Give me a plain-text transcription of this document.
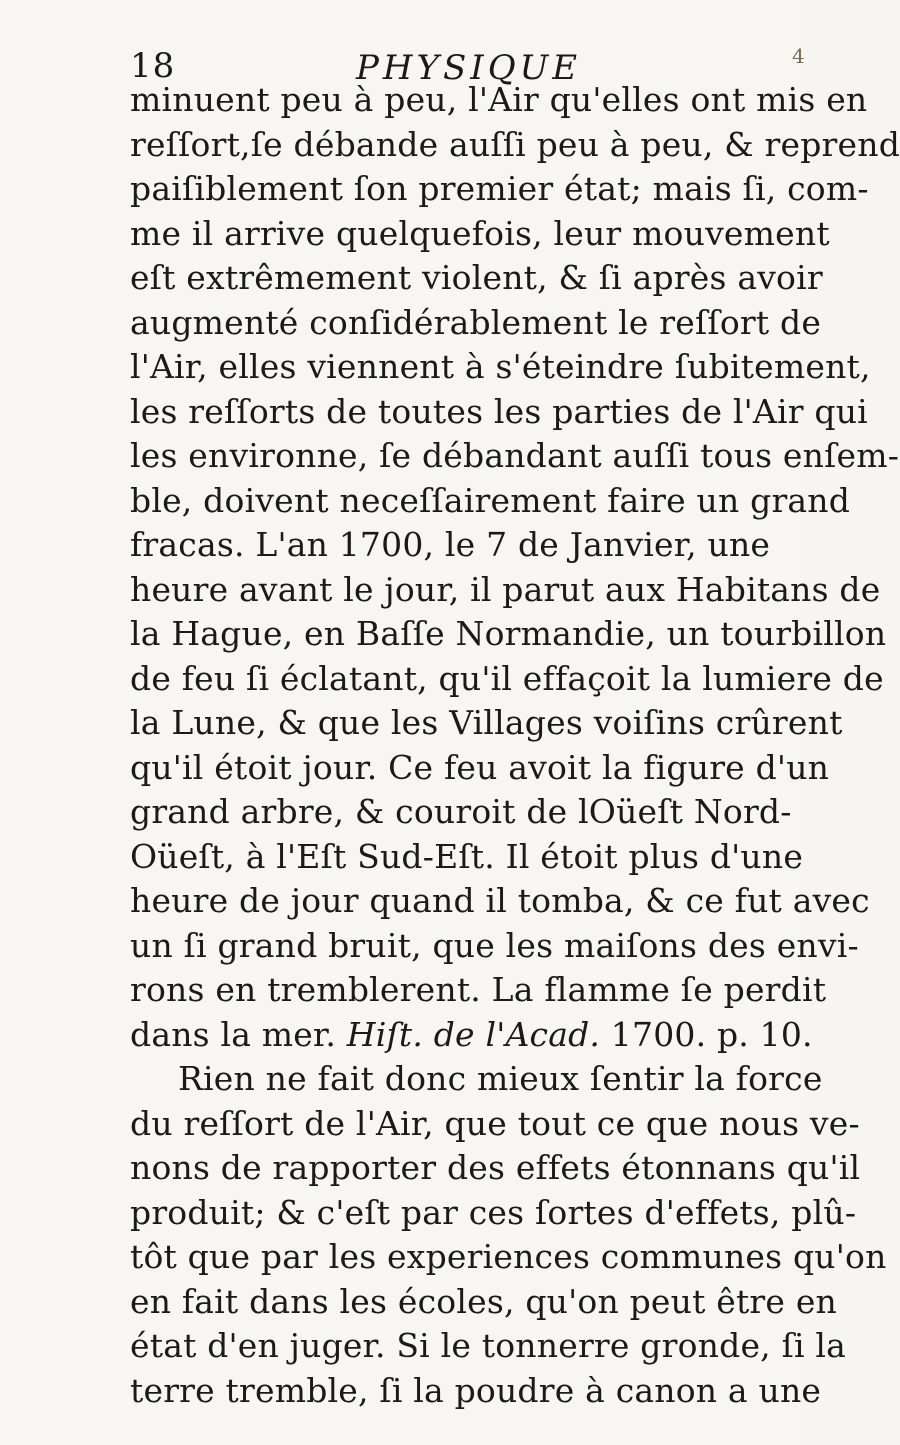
18	PHYSIQUE	4
minuent peu à peu, l'Air qu'elles ont mis en
reſſort,ſe débande auſſi peu à peu, & reprend
paiſiblement ſon premier état; mais ſi, com-
me il arrive quelquefois, leur mouvement
eſt extrêmement violent, & ſi après avoir
augmenté conſidérablement le reſſort de
l'Air, elles viennent à s'éteindre ſubitement,
les reſſorts de toutes les parties de l'Air qui
les environne, ſe débandant auſſi tous enſem-
ble, doivent neceſſairement faire un grand
fracas. L'an 1700, le 7 de Janvier, une
heure avant le jour, il parut aux Habitans de
la Hague, en Baſſe Normandie, un tourbillon
de feu ſi éclatant, qu'il effaçoit la lumiere de
la Lune, & que les Villages voiſins crûrent
qu'il étoit jour. Ce feu avoit la figure d'un
grand arbre, & couroit de lOüeſt Nord-
Oüeſt, à l'Eſt Sud-Eſt. Il étoit plus d'une
heure de jour quand il tomba, & ce fut avec
un ſi grand bruit, que les maiſons des envi-
rons en tremblerent. La flamme ſe perdit
dans la mer. Hiſt. de l'Acad. 1700. p. 10.
Rien ne fait donc mieux ſentir la force
du reſſort de l'Air, que tout ce que nous ve-
nons de rapporter des effets étonnans qu'il
produit; & c'eſt par ces ſortes d'effets, plû-
tôt que par les experiences communes qu'on
en fait dans les écoles, qu'on peut être en
état d'en juger. Si le tonnerre gronde, ſi la
terre tremble, ſi la poudre à canon a une
